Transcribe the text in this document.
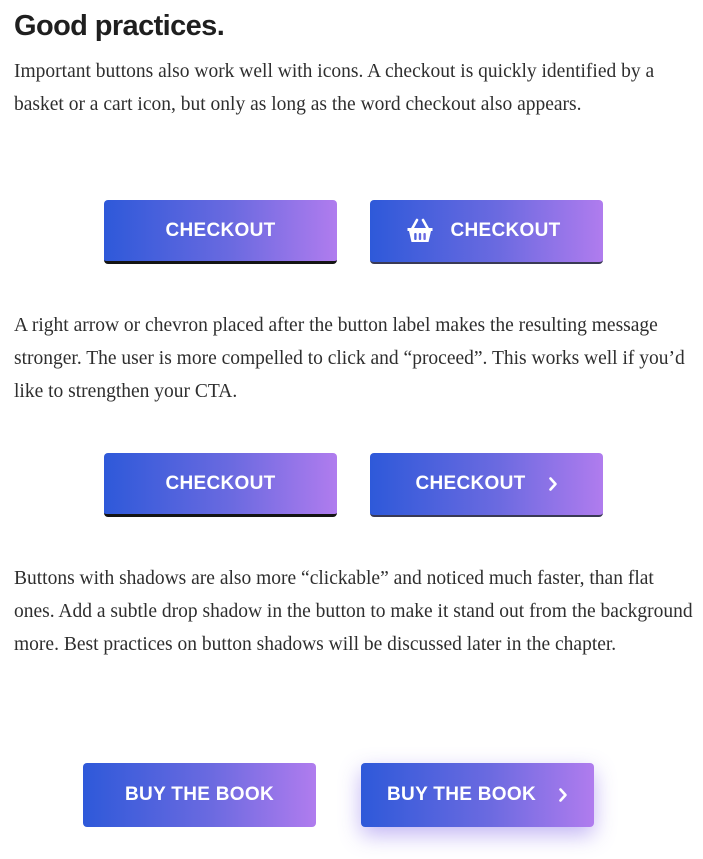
Good practices.

Important buttons also work well with icons. A checkout is quickly identified by a basket or a cart icon, but only as long as the word checkout also appears.

CHECKOUT	CHECKOUT

A right arrow or chevron placed after the button label makes the resulting message stronger. The user is more compelled to click and “proceed”. This works well if you’d like to strengthen your CTA.

CHECKOUT	CHECKOUT

Buttons with shadows are also more “clickable” and noticed much faster, than flat ones. Add a subtle drop shadow in the button to make it stand out from the background more. Best practices on button shadows will be discussed later in the chapter.

BUY THE BOOK	BUY THE BOOK
